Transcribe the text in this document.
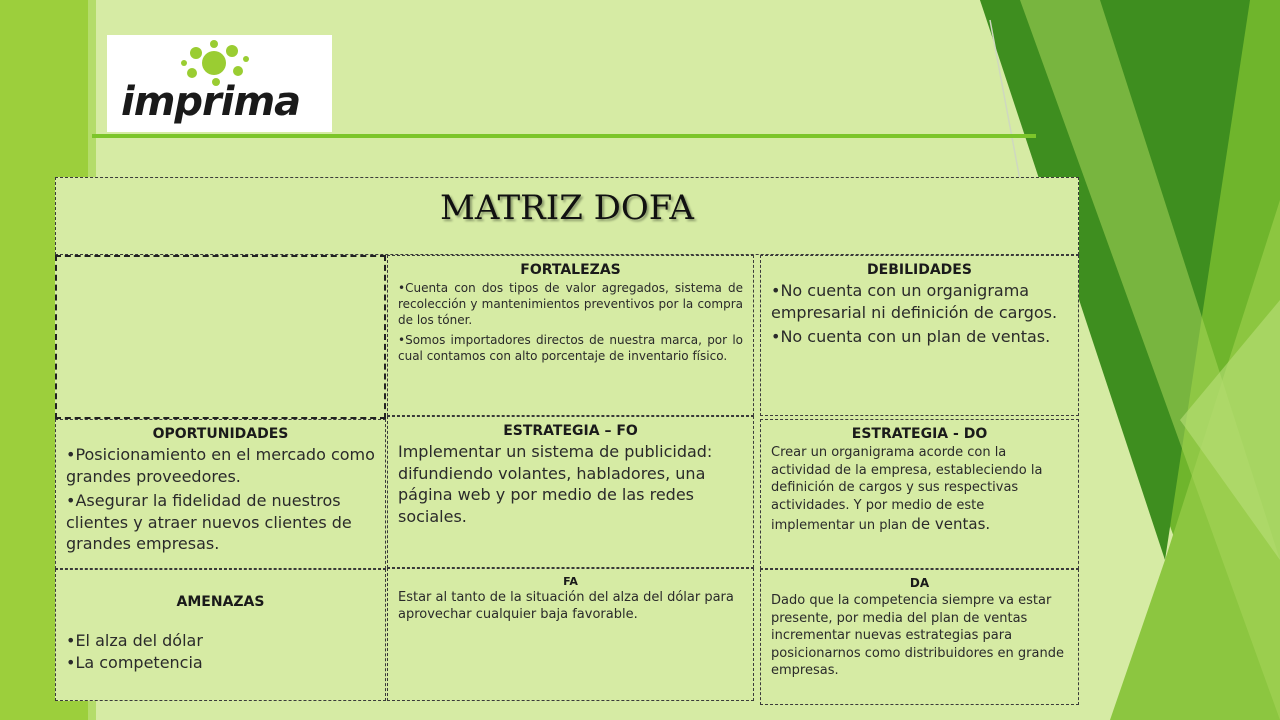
imprima
MATRIZ DOFA
FORTALEZAS
•Cuenta con dos tipos de valor agregados, sistema de recolección y mantenimientos preventivos por la compra de los tóner.
•Somos importadores directos de nuestra marca, por lo cual contamos con alto porcentaje de inventario físico.
DEBILIDADES
•No cuenta con un organigrama empresarial ni definición de cargos.
•No cuenta con un plan de ventas.
OPORTUNIDADES
•Posicionamiento en el mercado como grandes proveedores.
•Asegurar la fidelidad de nuestros clientes y atraer nuevos clientes de grandes empresas.
ESTRATEGIA – FO
Implementar un sistema de publicidad: difundiendo volantes, habladores, una página web y por medio de las redes sociales.
ESTRATEGIA - DO
Crear un organigrama acorde con la actividad de la empresa, estableciendo la definición de cargos y sus respectivas actividades. Y por medio de este implementar un plan de ventas.
AMENAZAS
•El alza del dólar
•La competencia
FA
Estar al tanto de la situación del alza del dólar para aprovechar cualquier baja favorable.
DA
Dado que la competencia siempre va estar presente, por media del plan de ventas incrementar nuevas estrategias para posicionarnos como distribuidores en grande empresas.
